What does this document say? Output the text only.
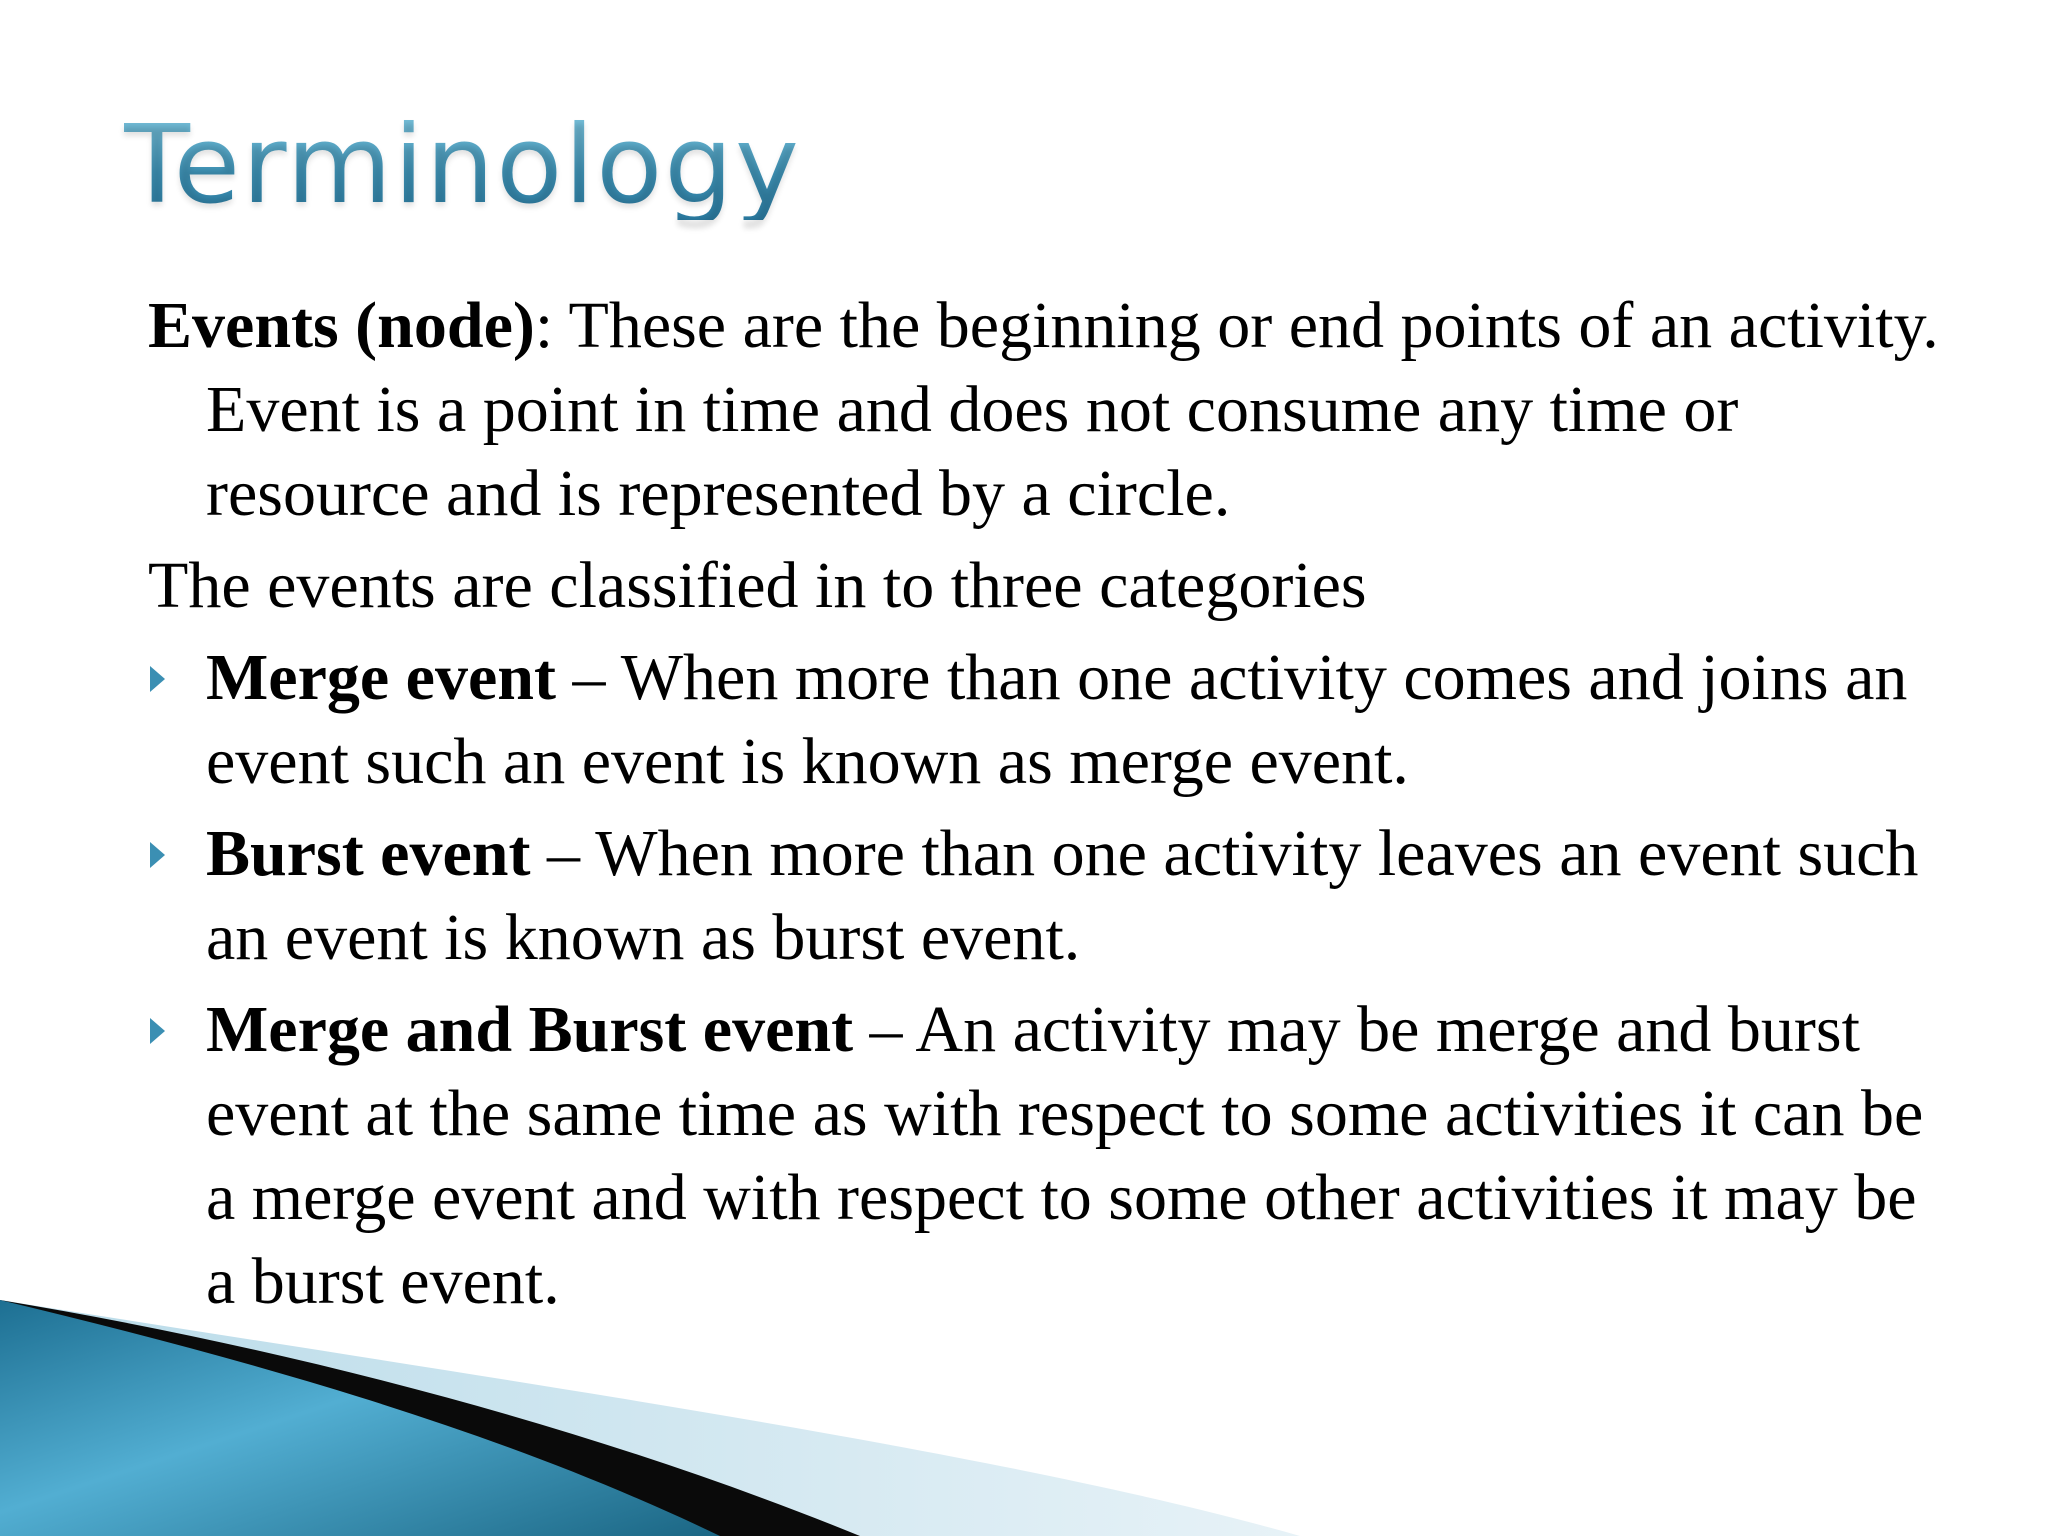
Terminology

Events (node): These are the beginning or end points of an activity. Event is a point in time and does not consume any time or resource and is represented by a circle.

The events are classified in to three categories

Merge event – When more than one activity comes and joins an event such an event is known as merge event.
Burst event – When more than one activity leaves an event such an event is known as burst event.
Merge and Burst event – An activity may be merge and burst event at the same time as with respect to some activities it can be a merge event and with respect to some other activities it may be a burst event.
